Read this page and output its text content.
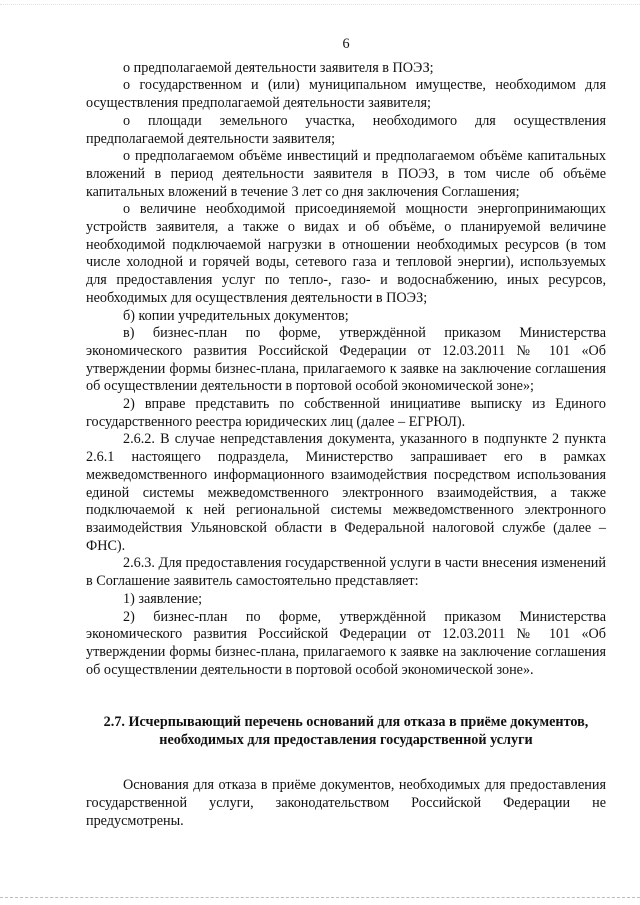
6

о предполагаемой деятельности заявителя в ПОЭЗ;

о государственном и (или) муниципальном имуществе, необходимом для осуществления предполагаемой деятельности заявителя;

о площади земельного участка, необходимого для осуществления предполагаемой деятельности заявителя;

о предполагаемом объёме инвестиций и предполагаемом объёме капитальных вложений в период деятельности заявителя в ПОЭЗ, в том числе об объёме капитальных вложений в течение 3 лет со дня заключения Соглашения;

о величине необходимой присоединяемой мощности энергопринимающих устройств заявителя, а также о видах и об объёме, о планируемой величине необходимой подключаемой нагрузки в отношении необходимых ресурсов (в том числе холодной и горячей воды, сетевого газа и тепловой энергии), используемых для предоставления услуг по тепло-, газо- и водоснабжению, иных ресурсов, необходимых для осуществления деятельности в ПОЭЗ;

б) копии учредительных документов;

в) бизнес-план по форме, утверждённой приказом Министерства экономического развития Российской Федерации от 12.03.2011 № 101 «Об утверждении формы бизнес-плана, прилагаемого к заявке на заключение соглашения об осуществлении деятельности в портовой особой экономической зоне»;

2) вправе представить по собственной инициативе выписку из Единого государственного реестра юридических лиц (далее – ЕГРЮЛ).

2.6.2. В случае непредставления документа, указанного в подпункте 2 пункта 2.6.1 настоящего подраздела, Министерство запрашивает его в рамках межведомственного информационного взаимодействия посредством использования единой системы межведомственного электронного взаимодействия, а также подключаемой к ней региональной системы межведомственного электронного взаимодействия Ульяновской области в Федеральной налоговой службе (далее – ФНС).

2.6.3. Для предоставления государственной услуги в части внесения изменений в Соглашение заявитель самостоятельно представляет:

1) заявление;

2) бизнес-план по форме, утверждённой приказом Министерства экономического развития Российской Федерации от 12.03.2011 № 101 «Об утверждении формы бизнес-плана, прилагаемого к заявке на заключение соглашения об осуществлении деятельности в портовой особой экономической зоне».

2.7. Исчерпывающий перечень оснований для отказа в приёме документов, необходимых для предоставления государственной услуги

Основания для отказа в приёме документов, необходимых для предоставления государственной услуги, законодательством Российской Федерации не предусмотрены.
